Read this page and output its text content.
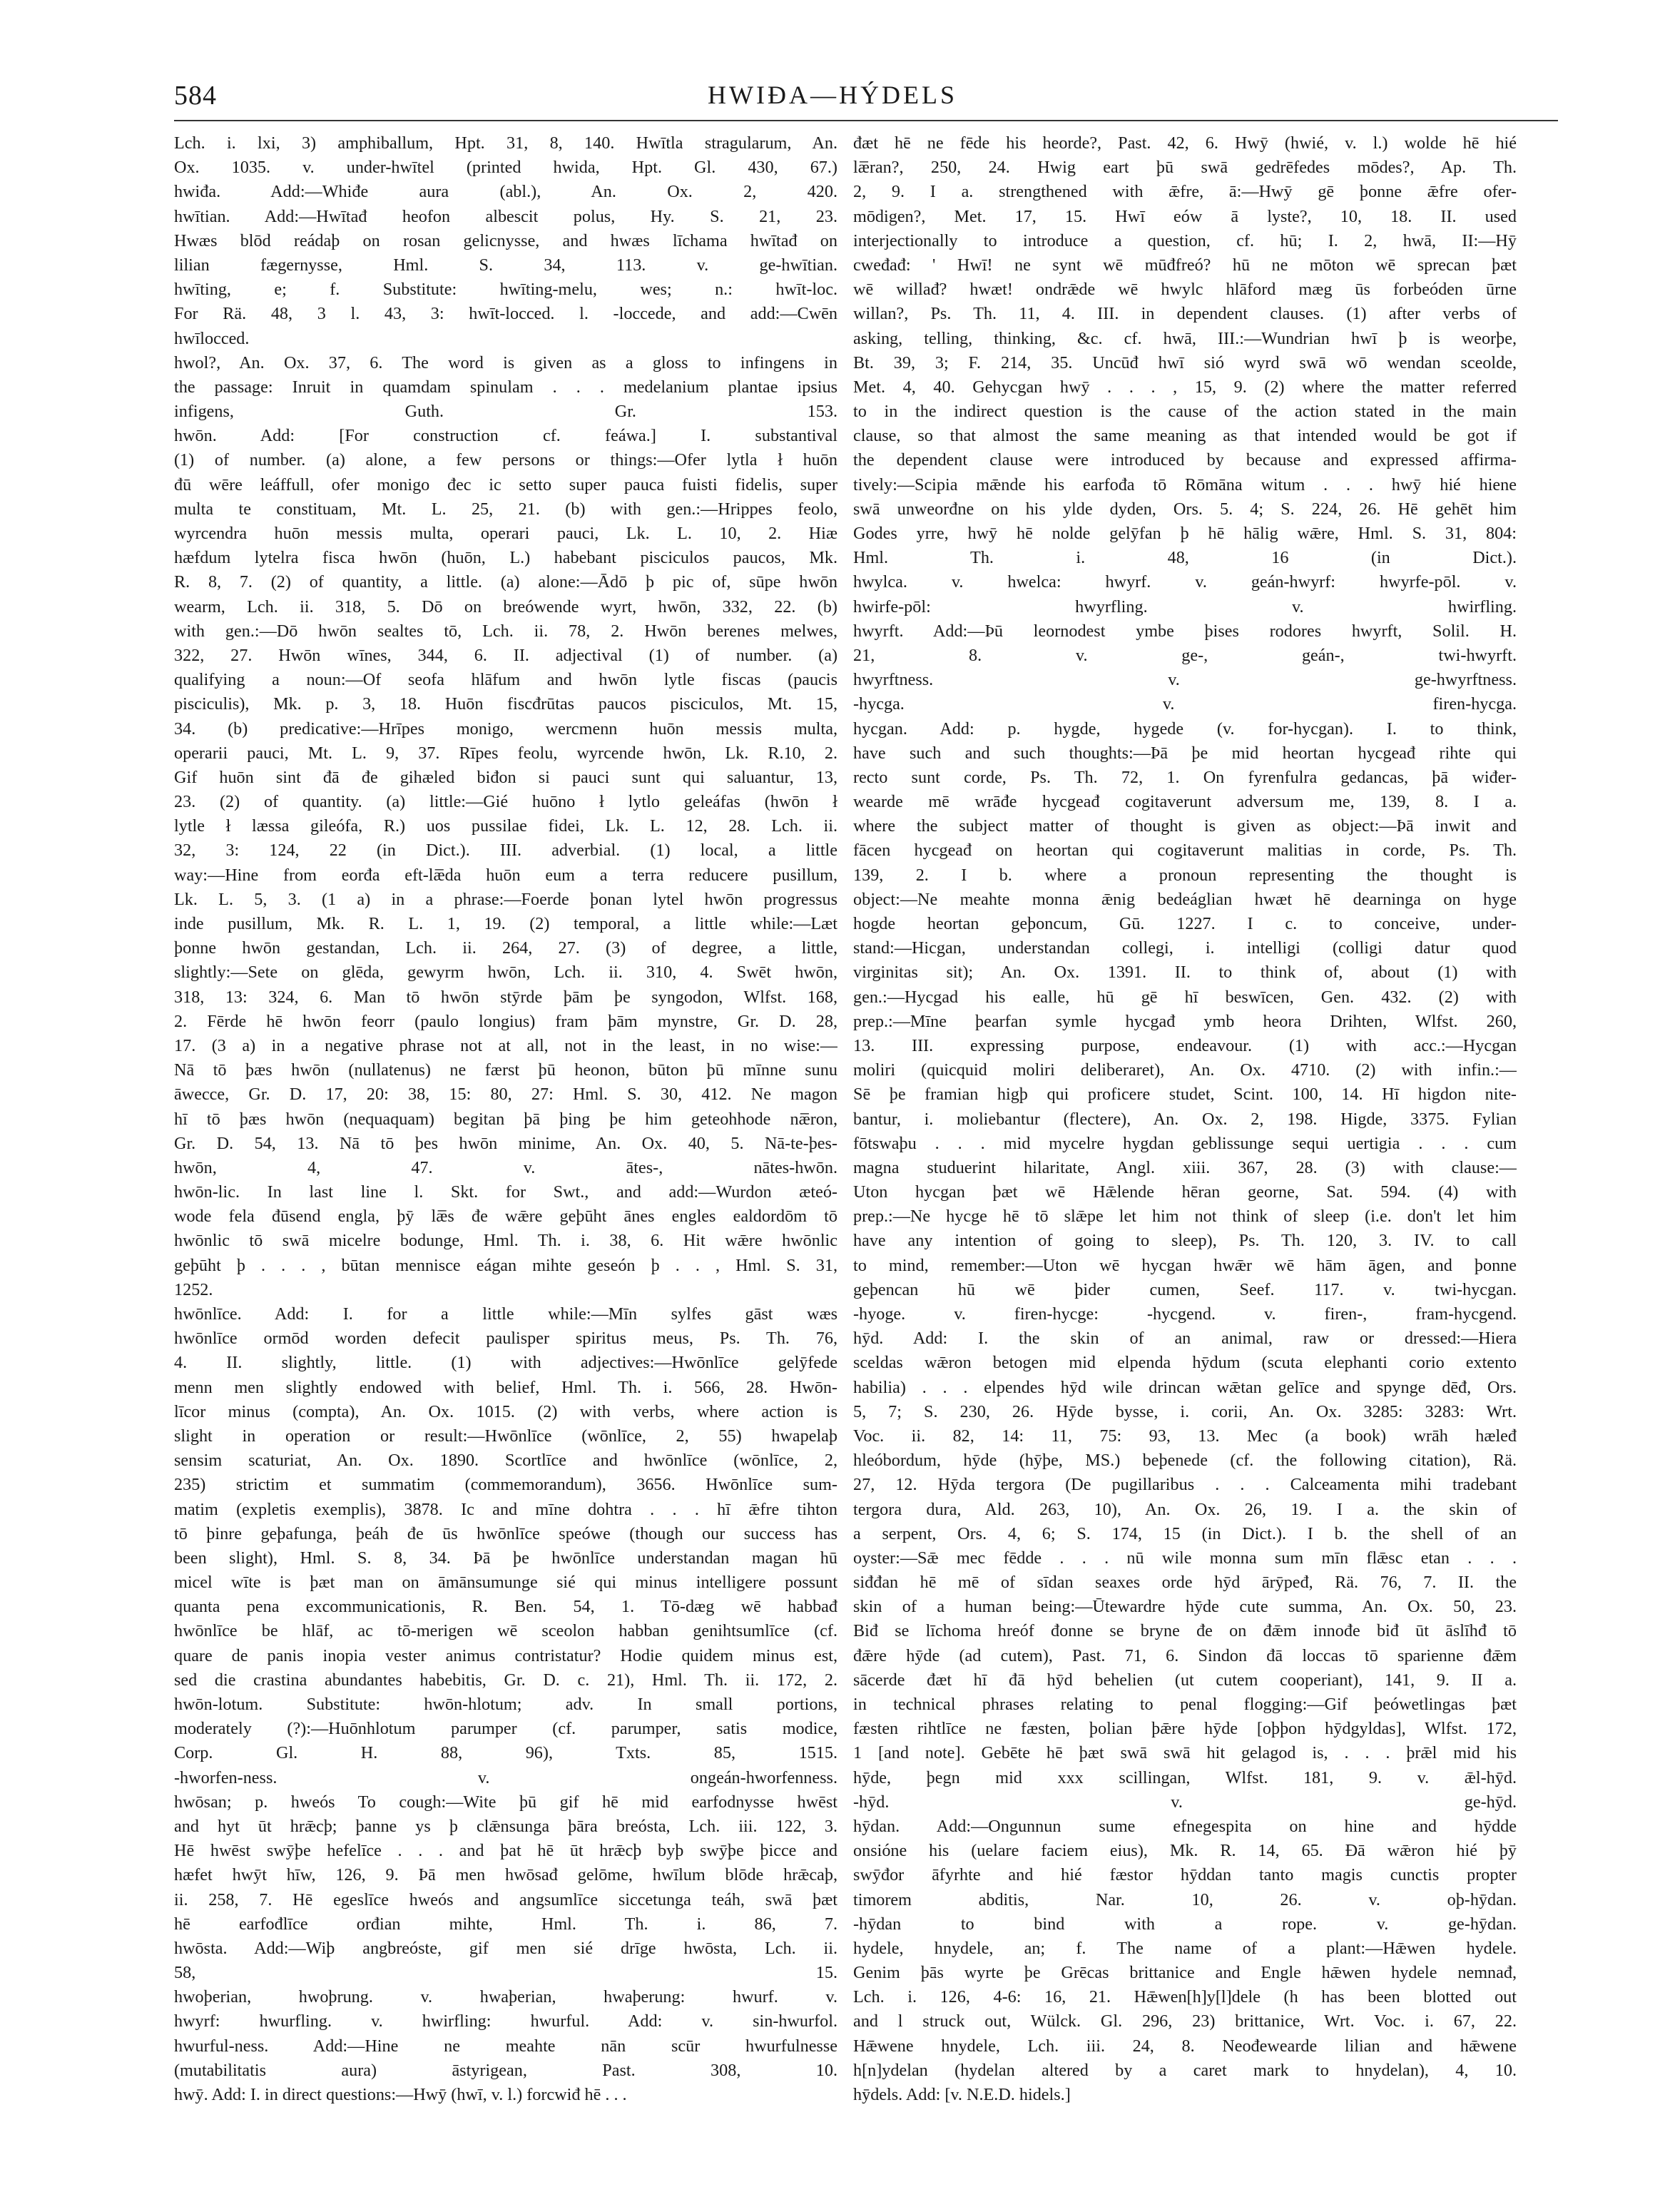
584	HWIĐA—HÝDELS
Lch. i. lxi, 3) amphiballum, Hpt. 31, 8, 140. Hwītla stragularum, An.
Ox. 1035. v. under-hwītel (printed hwida, Hpt. Gl. 430, 67.)
hwiđa. Add:—Whiđe aura (abl.), An. Ox. 2, 420.
hwītian. Add:—Hwītađ heofon albescit polus, Hy. S. 21, 23.
Hwæs blōd reádaþ on rosan gelicnysse, and hwæs līchama hwītađ on
lilian fægernysse, Hml. S. 34, 113. v. ge-hwītian.
hwīting, e; f. Substitute: hwīting-melu, wes; n.: hwīt-loc.
For Rä. 48, 3 l. 43, 3: hwīt-locced. l. -loccede, and add:—Cwēn
hwīlocced.
hwol?, An. Ox. 37, 6. The word is given as a gloss to infingens in
the passage: Inruit in quamdam spinulam . . . medelanium plantae ipsius
infigens, Guth. Gr. 153.
hwōn. Add: [For construction cf. feáwa.] I. substantival
(1) of number. (a) alone, a few persons or things:—Ofer lytla ł huōn
đū wēre leáffull, ofer monigo đec ic setto super pauca fuisti fidelis, super
multa te constituam, Mt. L. 25, 21. (b) with gen.:—Hrippes feolo,
wyrcendra huōn messis multa, operari pauci, Lk. L. 10, 2. Hiæ
hæfdum lytelra fisca hwōn (huōn, L.) habebant pisciculos paucos, Mk.
R. 8, 7. (2) of quantity, a little. (a) alone:—Ādō þ pic of, sūpe hwōn
wearm, Lch. ii. 318, 5. Dō on breówende wyrt, hwōn, 332, 22. (b)
with gen.:—Dō hwōn sealtes tō, Lch. ii. 78, 2. Hwōn berenes melwes,
322, 27. Hwōn wīnes, 344, 6. II. adjectival (1) of number. (a)
qualifying a noun:—Of seofa hlāfum and hwōn lytle fiscas (paucis
pisciculis), Mk. p. 3, 18. Huōn fiscđrūtas paucos pisciculos, Mt. 15,
34. (b) predicative:—Hrīpes monigo, wercmenn huōn messis multa,
operarii pauci, Mt. L. 9, 37. Rīpes feolu, wyrcende hwōn, Lk. R.10, 2.
Gif huōn sint đā đe gihæled biđon si pauci sunt qui saluantur, 13,
23. (2) of quantity. (a) little:—Gié huōno ł lytlo geleáfas (hwōn ł
lytle ł læssa gileófa, R.) uos pussilae fidei, Lk. L. 12, 28. Lch. ii.
32, 3: 124, 22 (in Dict.). III. adverbial. (1) local, a little
way:—Hine from eorđa eft-læ̅da huōn eum a terra reducere pusillum,
Lk. L. 5, 3. (1 a) in a phrase:—Foerde þonan lytel hwōn progressus
inde pusillum, Mk. R. L. 1, 19. (2) temporal, a little while:—Læt
þonne hwōn gestandan, Lch. ii. 264, 27. (3) of degree, a little,
slightly:—Sete on glēda, gewyrm hwōn, Lch. ii. 310, 4. Swēt hwōn,
318, 13: 324, 6. Man tō hwōn stȳrde þām þe syngodon, Wlfst. 168,
2. Fērde hē hwōn feorr (paulo longius) fram þām mynstre, Gr. D. 28,
17. (3 a) in a negative phrase not at all, not in the least, in no wise:—
Nā tō þæs hwōn (nullatenus) ne færst þū heonon, būton þū mīnne sunu
āwecce, Gr. D. 17, 20: 38, 15: 80, 27: Hml. S. 30, 412. Ne magon
hī tō þæs hwōn (nequaquam) begitan þā þing þe him geteohhode næ̅ron,
Gr. D. 54, 13. Nā tō þes hwōn minime, An. Ox. 40, 5. Nā-te-þes-
hwōn, 4, 47. v. ātes-, nātes-hwōn.
hwōn-lic. In last line l. Skt. for Swt., and add:—Wurdon æteó-
wode fela đūsend engla, þȳ læ̅s đe wǣre geþūht ānes engles ealdordōm tō
hwōnlic tō swā micelre bodunge, Hml. Th. i. 38, 6. Hit wǣre hwōnlic
geþūht þ . . . , būtan mennisce eágan mihte geseón þ . . , Hml. S. 31,
1252.
hwōnlīce. Add: I. for a little while:—Mīn sylfes gāst wæs
hwōnlīce ormōd worden defecit paulisper spiritus meus, Ps. Th. 76,
4. II. slightly, little. (1) with adjectives:—Hwōnlīce gelȳfede
menn men slightly endowed with belief, Hml. Th. i. 566, 28. Hwōn-
līcor minus (compta), An. Ox. 1015. (2) with verbs, where action is
slight in operation or result:—Hwōnlīce (wōnlīce, 2, 55) hwapelaþ
sensim scaturiat, An. Ox. 1890. Scortlīce and hwōnlīce (wōnlīce, 2,
235) strictim et summatim (commemorandum), 3656. Hwōnlīce sum-
matim (expletis exemplis), 3878. Ic and mīne dohtra . . . hī ǣfre tihton
tō þinre geþafunga, þeáh đe ūs hwōnlīce speówe (though our success has
been slight), Hml. S. 8, 34. Þā þe hwōnlīce understandan magan hū
micel wīte is þæt man on āmānsumunge sié qui minus intelligere possunt
quanta pena excommunicationis, R. Ben. 54, 1. Tō-dæg wē habbađ
hwōnlīce be hlāf, ac tō-merigen wē sceolon habban genihtsumlīce (cf.
quare de panis inopia vester animus contristatur? Hodie quidem minus est,
sed die crastina abundantes habebitis, Gr. D. c. 21), Hml. Th. ii. 172, 2.
hwōn-lotum. Substitute: hwōn-hlotum; adv. In small portions,
moderately (?):—Huōnhlotum parumper (cf. parumper, satis modice,
Corp. Gl. H. 88, 96), Txts. 85, 1515.
-hworfen-ness. v. ongeán-hworfenness.
hwōsan; p. hweós To cough:—Wite þū gif hē mid earfodnysse hwēst
and hyt ūt hrǣcþ; þanne ys þ clǣnsunga þāra breósta, Lch. iii. 122, 3.
Hē hwēst swȳþe hefelīce . . . and þat hē ūt hrǣcþ byþ swȳþe þicce and
hæfet hwȳt hīw, 126, 9. Þā men hwōsađ gelōme, hwīlum blōde hrǣcaþ,
ii. 258, 7. Hē egeslīce hweós and angsumlīce siccetunga teáh, swā þæt
hē earfođlīce orđian mihte, Hml. Th. i. 86, 7.
hwōsta. Add:—Wiþ angbreóste, gif men sié drīge hwōsta, Lch. ii.
58, 15.
hwoþerian, hwoþrung. v. hwaþerian, hwaþerung: hwurf. v.
hwyrf: hwurfling. v. hwirfling: hwurful. Add: v. sin-hwurfol.
hwurful-ness. Add:—Hine ne meahte nān scūr hwurfulnesse
(mutabilitatis aura) āstyrigean, Past. 308, 10.
hwȳ. Add: I. in direct questions:—Hwȳ (hwī, v. l.) forcwiđ hē . . .
đæt hē ne fēde his heorde?, Past. 42, 6. Hwȳ (hwié, v. l.) wolde hē hié
læ̅ran?, 250, 24. Hwig eart þū swā gedrēfedes mōdes?, Ap. Th.
2, 9. I a. strengthened with ǣfre, ā:—Hwȳ gē þonne ǣfre ofer-
mōdigen?, Met. 17, 15. Hwī eów ā lyste?, 10, 18. II. used
interjectionally to introduce a question, cf. hū; I. 2, hwā, II:—Hȳ
cweđađ: ' Hwī! ne synt wē mūđfreó? hū ne mōton wē sprecan þæt
wē willađ? hwæt! ondrǣde wē hwylc hlāford mæg ūs forbeóden ūrne
willan?, Ps. Th. 11, 4. III. in dependent clauses. (1) after verbs of
asking, telling, thinking, &c. cf. hwā, III.:—Wundrian hwī þ is weorþe,
Bt. 39, 3; F. 214, 35. Uncūđ hwī sió wyrd swā wō wendan sceolde,
Met. 4, 40. Gehycgan hwȳ . . . , 15, 9. (2) where the matter referred
to in the indirect question is the cause of the action stated in the main
clause, so that almost the same meaning as that intended would be got if
the dependent clause were introduced by because and expressed affirma-
tively:—Scipia mǣnde his earfođa tō Rōmāna witum . . . hwȳ hié hiene
swā unweorđne on his ylde dyden, Ors. 5. 4; S. 224, 26. Hē gehēt him
Godes yrre, hwȳ hē nolde gelȳfan þ hē hālig wǣre, Hml. S. 31, 804:
Hml. Th. i. 48, 16 (in Dict.).
hwylca. v. hwelca: hwyrf. v. geán-hwyrf: hwyrfe-pōl. v.
hwirfe-pōl: hwyrfling. v. hwirfling.
hwyrft. Add:—Þū leornodest ymbe þises rodores hwyrft, Solil. H.
21, 8. v. ge-, geán-, twi-hwyrft.
hwyrftness. v. ge-hwyrftness.
-hycga. v. firen-hycga.
hycgan. Add: p. hygde, hygede (v. for-hycgan). I. to think,
have such and such thoughts:—Þā þe mid heortan hycgeađ rihte qui
recto sunt corde, Ps. Th. 72, 1. On fyrenfulra gedancas, þā wiđer-
wearde mē wrāđe hycgeađ cogitaverunt adversum me, 139, 8. I a.
where the subject matter of thought is given as object:—Þā inwit and
fācen hycgeađ on heortan qui cogitaverunt malitias in corde, Ps. Th.
139, 2. I b. where a pronoun representing the thought is
object:—Ne meahte monna ǣnig bedeáglian hwæt hē dearninga on hyge
hogde heortan geþoncum, Gū. 1227. I c. to conceive, under-
stand:—Hicgan, understandan collegi, i. intelligi (colligi datur quod
virginitas sit); An. Ox. 1391. II. to think of, about (1) with
gen.:—Hycgad his ealle, hū gē hī beswīcen, Gen. 432. (2) with
prep.:—Mīne þearfan symle hycgađ ymb heora Drihten, Wlfst. 260,
13. III. expressing purpose, endeavour. (1) with acc.:—Hycgan
moliri (quicquid moliri deliberaret), An. Ox. 4710. (2) with infin.:—
Sē þe framian higþ qui proficere studet, Scint. 100, 14. Hī higdon nite-
bantur, i. moliebantur (flectere), An. Ox. 2, 198. Higde, 3375. Fylian
fōtswaþu . . . mid mycelre hygdan geblissunge sequi uertigia . . . cum
magna studuerint hilaritate, Angl. xiii. 367, 28. (3) with clause:—
Uton hycgan þæt wē Hǣlende hēran georne, Sat. 594. (4) with
prep.:—Ne hycge hē tō slǣpe let him not think of sleep (i.e. don't let him
have any intention of going to sleep), Ps. Th. 120, 3. IV. to call
to mind, remember:—Uton wē hycgan hwǣr wē hām āgen, and þonne
geþencan hū wē þider cumen, Seef. 117. v. twi-hycgan.
-hyoge. v. firen-hycge: -hycgend. v. firen-, fram-hycgend.
hȳd. Add: I. the skin of an animal, raw or dressed:—Hiera
sceldas wǣron betogen mid elpenda hȳdum (scuta elephanti corio extento
habilia) . . . elpendes hȳd wile drincan wǣtan gelīce and spynge dēđ, Ors.
5, 7; S. 230, 26. Hȳde bysse, i. corii, An. Ox. 3285: 3283: Wrt.
Voc. ii. 82, 14: 11, 75: 93, 13. Mec (a book) wrāh hæleđ
hleóbordum, hȳde (hȳþe, MS.) beþenede (cf. the following citation), Rä.
27, 12. Hȳda tergora (De pugillaribus . . . Calceamenta mihi tradebant
tergora dura, Ald. 263, 10), An. Ox. 26, 19. I a. the skin of
a serpent, Ors. 4, 6; S. 174, 15 (in Dict.). I b. the shell of an
oyster:—Sǣ mec fēdde . . . nū wile monna sum mīn flǣsc etan . . .
siđđan hē mē of sīdan seaxes orde hȳd ārȳpeđ, Rä. 76, 7. II. the
skin of a human being:—Ūtewardre hȳde cute summa, An. Ox. 50, 23.
Biđ se līchoma hreóf đonne se bryne đe on đǣm innođe biđ ūt āslīhđ tō
đǣre hȳde (ad cutem), Past. 71, 6. Sindon đā loccas tō sparienne đǣm
sācerde đæt hī đā hȳd behelien (ut cutem cooperiant), 141, 9. II a.
in technical phrases relating to penal flogging:—Gif þeówetlingas þæt
fæsten rihtlīce ne fæsten, þolian þǣre hȳde [oþþon hȳdgyldas], Wlfst. 172,
1 [and note]. Gebēte hē þæt swā swā hit gelagod is, . . . þrǣl mid his
hȳde, þegn mid xxx scillingan, Wlfst. 181, 9. v. ǣl-hȳd.
-hȳd. v. ge-hȳd.
hȳdan. Add:—Ongunnun sume efnegespita on hine and hȳdde
onsióne his (uelare faciem eius), Mk. R. 14, 65. Đā wǣron hié þȳ
swȳđor āfyrhte and hié fæstor hȳddan tanto magis cunctis propter
timorem abditis, Nar. 10, 26. v. oþ-hȳdan.
-hȳdan to bind with a rope. v. ge-hȳdan.
hydele, hnydele, an; f. The name of a plant:—Hǣwen hydele.
Genim þās wyrte þe Grēcas brittanice and Engle hǣwen hydele nemnađ,
Lch. i. 126, 4-6: 16, 21. Hǣwen[h]y[l]dele (h has been blotted out
and l struck out, Wülck. Gl. 296, 23) brittanice, Wrt. Voc. i. 67, 22.
Hǣwene hnydele, Lch. iii. 24, 8. Neođewearde lilian and hǣwene
h[n]ydelan (hydelan altered by a caret mark to hnydelan), 4, 10.
hȳdels. Add: [v. N.E.D. hidels.]
